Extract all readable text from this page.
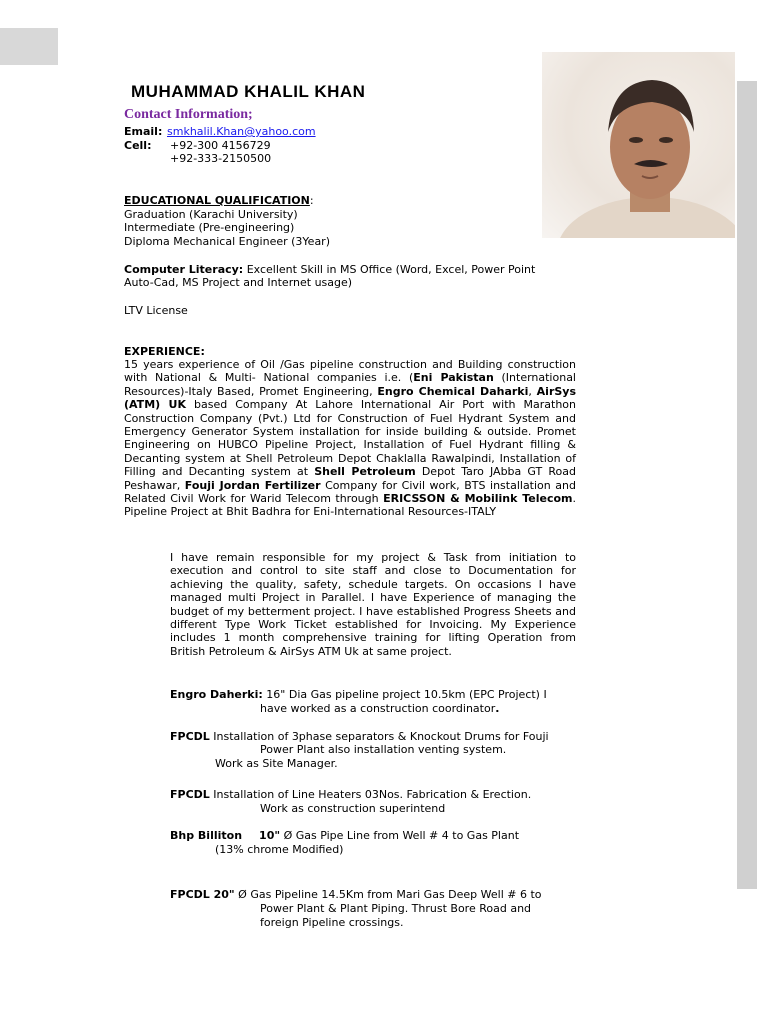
MUHAMMAD KHALIL KHAN
Contact Information;
Email: smkhalil.Khan@yahoo.com
Cell: +92-300 4156729
+92-333-2150500
EDUCATIONAL QUALIFICATION:
Graduation (Karachi University)
Intermediate (Pre-engineering)
Diploma Mechanical Engineer (3Year)
Computer Literacy: Excellent Skill in MS Office (Word, Excel, Power Point
Auto-Cad, MS Project and Internet usage)
LTV License
EXPERIENCE:
15 years experience of Oil /Gas pipeline construction and Building construction with National & Multi- National companies i.e. (Eni Pakistan (International Resources)-Italy Based, Promet Engineering, Engro Chemical Daharki, AirSys (ATM) UK based Company At Lahore International Air Port with Marathon Construction Company (Pvt.) Ltd for Construction of Fuel Hydrant System and Emergency Generator System installation for inside building & outside. Promet Engineering on HUBCO Pipeline Project, Installation of Fuel Hydrant filling & Decanting system at Shell Petroleum Depot Chaklalla Rawalpindi, Installation of Filling and Decanting system at Shell Petroleum Depot Taro JAbba GT Road Peshawar, Fouji Jordan Fertilizer Company for Civil work, BTS installation and Related Civil Work for Warid Telecom through ERICSSON & Mobilink Telecom. Pipeline Project at Bhit Badhra for Eni-International Resources-ITALY
I have remain responsible for my project & Task from initiation to execution and control to site staff and close to Documentation for achieving the quality, safety, schedule targets. On occasions I have managed multi Project in Parallel. I have Experience of managing the budget of my betterment project. I have established Progress Sheets and different Type Work Ticket established for Invoicing. My Experience includes 1 month comprehensive training for lifting Operation from British Petroleum & AirSys ATM Uk at same project.
Engro Daherki: 16" Dia Gas pipeline project 10.5km (EPC Project) I
have worked as a construction coordinator.
FPCDL Installation of 3phase separators & Knockout Drums for Fouji
Power Plant also installation venting system.
Work as Site Manager.
FPCDL Installation of Line Heaters 03Nos. Fabrication & Erection.
Work as construction superintend
Bhp Billiton 10" Ø Gas Pipe Line from Well # 4 to Gas Plant
(13% chrome Modified)
FPCDL 20" Ø Gas Pipeline 14.5Km from Mari Gas Deep Well # 6 to
Power Plant & Plant Piping. Thrust Bore Road and
foreign Pipeline crossings.
